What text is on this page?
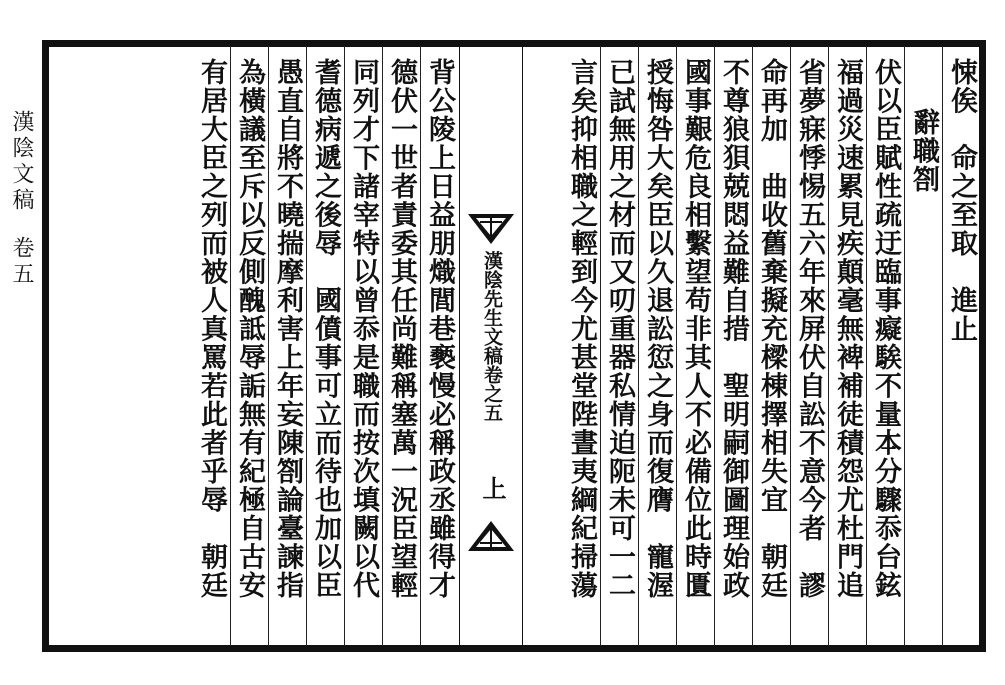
漢陰文稿卷五	悚俟　命之至取　進止
辭職劄
伏以臣賦性疏迂臨事癡騃不量本分驟忝台鉉
福過災速累見疾顛毫無裨補徒積怨尤杜門追
省夢寐悸惕五六年來屏伏自訟不意今者　謬
命再加　曲收舊棄擬充樑棟擇相失宜　朝廷
不尊狼狽兢悶益難自措　聖明嗣御圖理始政
國事艱危良相繫望苟非其人不必備位此時匱
授悔咎大矣臣以久退訟愆之身而復膺　寵渥
已試無用之材而又叨重器私情迫阨未可一二
言矣抑相職之輕到今尤甚堂陛晝夷綱紀掃蕩
漢陰先生文稿卷之五
上
背公陵上日益朋熾閭巷褻慢必稱政丞雖得才
德伏一世者責委其任尚難稱塞萬一況臣望輕
同列才下諸宰特以曾忝是職而按次填闕以代
耆德病遞之後辱　國僨事可立而待也加以臣
愚直自將不曉揣摩利害上年妄陳劄論臺諫指
為橫議至斥以反側醜詆辱詬無有紀極自古安
有居大臣之列而被人真罵若此者乎辱　朝廷
